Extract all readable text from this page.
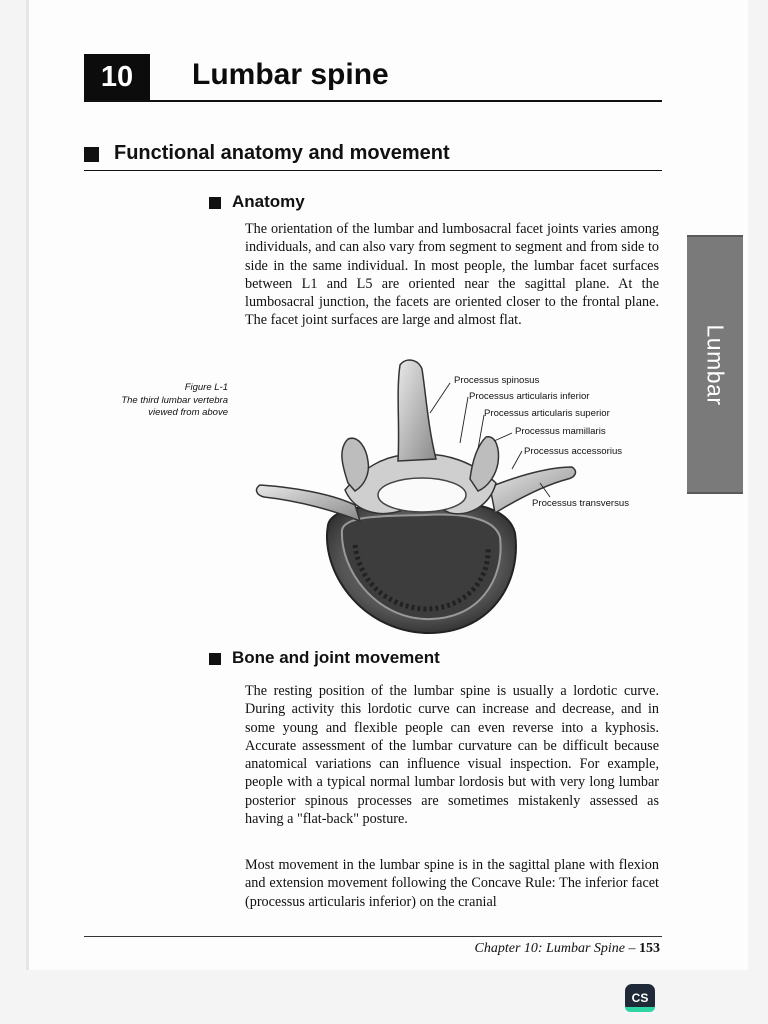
10	Lumbar spine
Functional anatomy and movement
Anatomy

The orientation of the lumbar and lumbosacral facet joints varies among individuals, and can also vary from segment to segment and from side to side in the same individual. In most people, the lumbar facet surfaces between L1 and L5 are oriented near the sagittal plane. At the lumbosacral junction, the facets are oriented closer to the frontal plane. The facet joint surfaces are large and almost flat.

Figure L-1
The third lumbar vertebra
viewed from above
Processus spinosus
Processus articularis inferior
Processus articularis superior
Processus mamillaris
Processus accessorius
Processus transversus
Bone and joint movement

The resting position of the lumbar spine is usually a lordotic curve. During activity this lordotic curve can increase and decrease, and in some young and flexible people can even reverse into a kyphosis. Accurate assessment of the lumbar curvature can be difficult because anatomical variations can influence visual inspection. For example, people with a typical normal lumbar lordosis but with very long lumbar posterior spinous processes are sometimes mistakenly assessed as having a "flat-back" posture.

Most movement in the lumbar spine is in the sagittal plane with flexion and extension movement following the Concave Rule: The inferior facet (processus articularis inferior) on the cranial

Lumbar
Chapter 10: Lumbar Spine – 153
CS
